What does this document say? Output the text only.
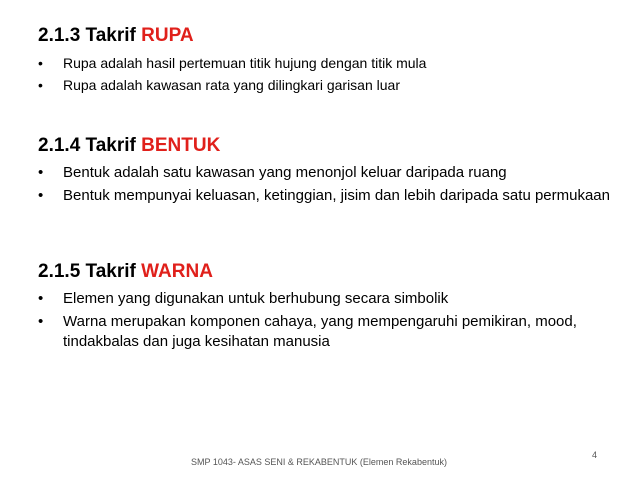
2.1.3 Takrif RUPA
• Rupa adalah hasil pertemuan titik hujung dengan titik mula
• Rupa adalah kawasan rata yang dilingkari garisan luar
2.1.4 Takrif BENTUK
• Bentuk adalah satu kawasan yang menonjol keluar daripada ruang
• Bentuk mempunyai keluasan, ketinggian, jisim dan lebih daripada satu permukaan
2.1.5 Takrif WARNA
• Elemen yang digunakan untuk berhubung secara simbolik
• Warna merupakan komponen cahaya, yang mempengaruhi pemikiran, mood, tindakbalas dan juga kesihatan manusia
4
SMP 1043- ASAS SENI & REKABENTUK (Elemen Rekabentuk)
